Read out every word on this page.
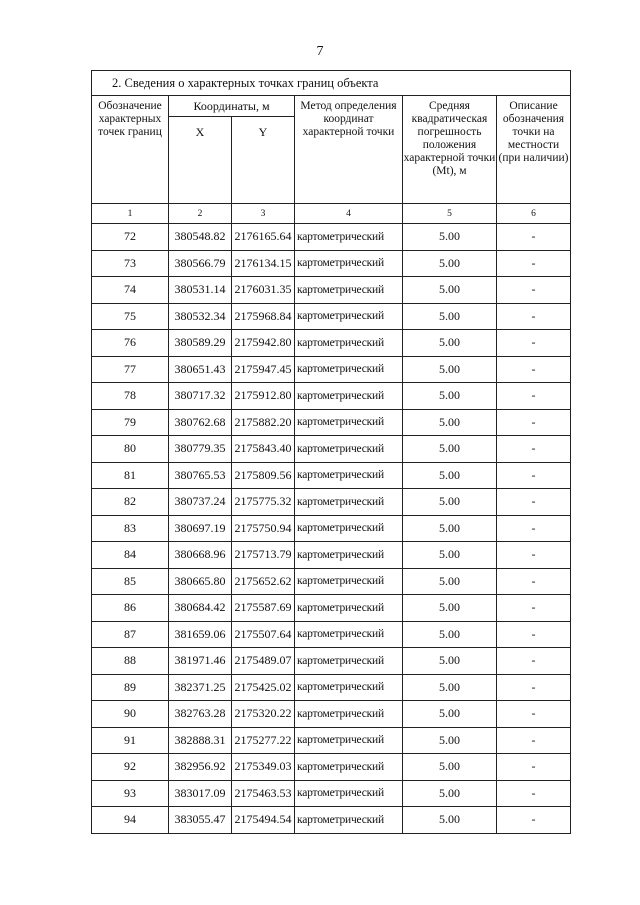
7
2. Сведения о характерных точках границ объекта					
Обозначение характерных точек границ	Координаты, м		Метод определения координат характерной точки	Средняя квадратическая погрешность положения характерной точки (Mt), м	Описание обозначения точки на местности (при наличии)
	X	Y			
1	2	3	4	5	6
72	380548.82	2176165.64	картометрический	5.00	-
73	380566.79	2176134.15	картометрический	5.00	-
74	380531.14	2176031.35	картометрический	5.00	-
75	380532.34	2175968.84	картометрический	5.00	-
76	380589.29	2175942.80	картометрический	5.00	-
77	380651.43	2175947.45	картометрический	5.00	-
78	380717.32	2175912.80	картометрический	5.00	-
79	380762.68	2175882.20	картометрический	5.00	-
80	380779.35	2175843.40	картометрический	5.00	-
81	380765.53	2175809.56	картометрический	5.00	-
82	380737.24	2175775.32	картометрический	5.00	-
83	380697.19	2175750.94	картометрический	5.00	-
84	380668.96	2175713.79	картометрический	5.00	-
85	380665.80	2175652.62	картометрический	5.00	-
86	380684.42	2175587.69	картометрический	5.00	-
87	381659.06	2175507.64	картометрический	5.00	-
88	381971.46	2175489.07	картометрический	5.00	-
89	382371.25	2175425.02	картометрический	5.00	-
90	382763.28	2175320.22	картометрический	5.00	-
91	382888.31	2175277.22	картометрический	5.00	-
92	382956.92	2175349.03	картометрический	5.00	-
93	383017.09	2175463.53	картометрический	5.00	-
94	383055.47	2175494.54	картометрический	5.00	-
